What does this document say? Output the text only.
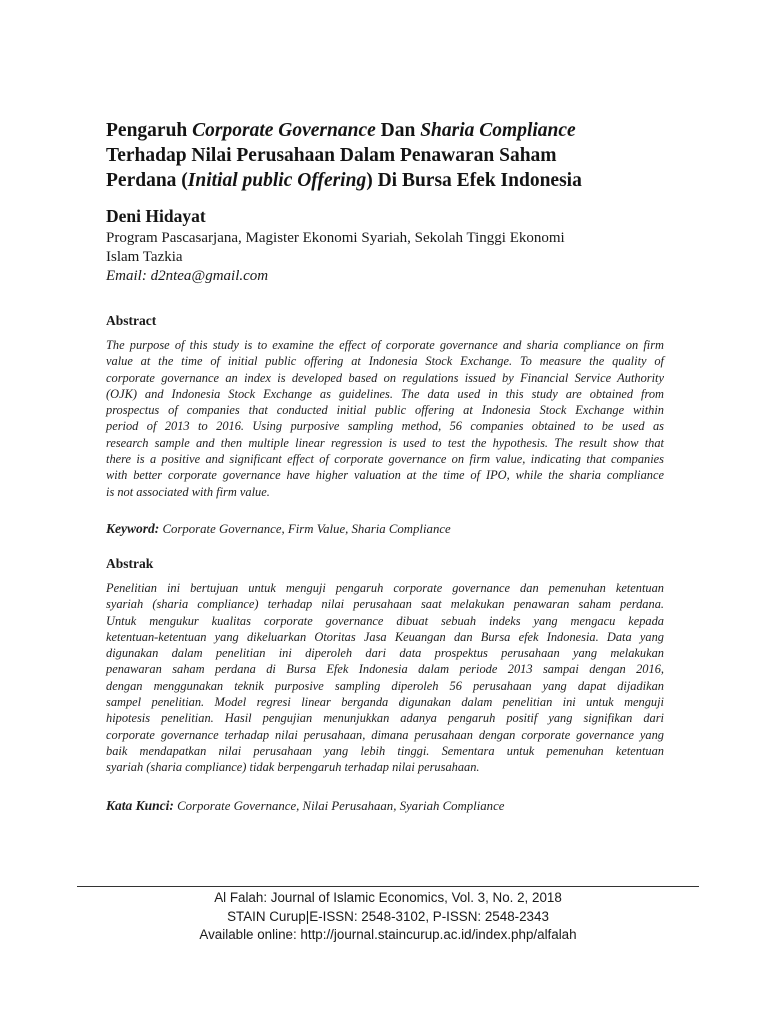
Pengaruh Corporate Governance Dan Sharia Compliance
Terhadap Nilai Perusahaan Dalam Penawaran Saham
Perdana (Initial public Offering) Di Bursa Efek Indonesia
Deni Hidayat
Program Pascasarjana, Magister Ekonomi Syariah, Sekolah Tinggi Ekonomi
Islam Tazkia
Email: d2ntea@gmail.com
Abstract
The purpose of this study is to examine the effect of corporate governance and sharia compliance on firm
value at the time of initial public offering at Indonesia Stock Exchange. To measure the quality of
corporate governance an index is developed based on regulations issued by Financial Service Authority
(OJK) and Indonesia Stock Exchange as guidelines. The data used in this study are obtained from
prospectus of companies that conducted initial public offering at Indonesia Stock Exchange within
period of 2013 to 2016. Using purposive sampling method, 56 companies obtained to be used as
research sample and then multiple linear regression is used to test the hypothesis. The result show that
there is a positive and significant effect of corporate governance on firm value, indicating that companies
with better corporate governance have higher valuation at the time of IPO, while the sharia compliance
is not associated with firm value.
Keyword: Corporate Governance, Firm Value, Sharia Compliance
Abstrak
Penelitian ini bertujuan untuk menguji pengaruh corporate governance dan pemenuhan ketentuan
syariah (sharia compliance) terhadap nilai perusahaan saat melakukan penawaran saham perdana.
Untuk mengukur kualitas corporate governance dibuat sebuah indeks yang mengacu kepada
ketentuan-ketentuan yang dikeluarkan Otoritas Jasa Keuangan dan Bursa efek Indonesia. Data yang
digunakan dalam penelitian ini diperoleh dari data prospektus perusahaan yang melakukan
penawaran saham perdana di Bursa Efek Indonesia dalam periode 2013 sampai dengan 2016,
dengan menggunakan teknik purposive sampling diperoleh 56 perusahaan yang dapat dijadikan
sampel penelitian. Model regresi linear berganda digunakan dalam penelitian ini untuk menguji
hipotesis penelitian. Hasil pengujian menunjukkan adanya pengaruh positif yang signifikan dari
corporate governance terhadap nilai perusahaan, dimana perusahaan dengan corporate governance yang
baik mendapatkan nilai perusahaan yang lebih tinggi. Sementara untuk pemenuhan ketentuan
syariah (sharia compliance) tidak berpengaruh terhadap nilai perusahaan.
Kata Kunci: Corporate Governance, Nilai Perusahaan, Syariah Compliance
Al Falah: Journal of Islamic Economics, Vol. 3, No. 2, 2018
STAIN Curup|E-ISSN: 2548-3102, P-ISSN: 2548-2343
Available online: http://journal.staincurup.ac.id/index.php/alfalah
